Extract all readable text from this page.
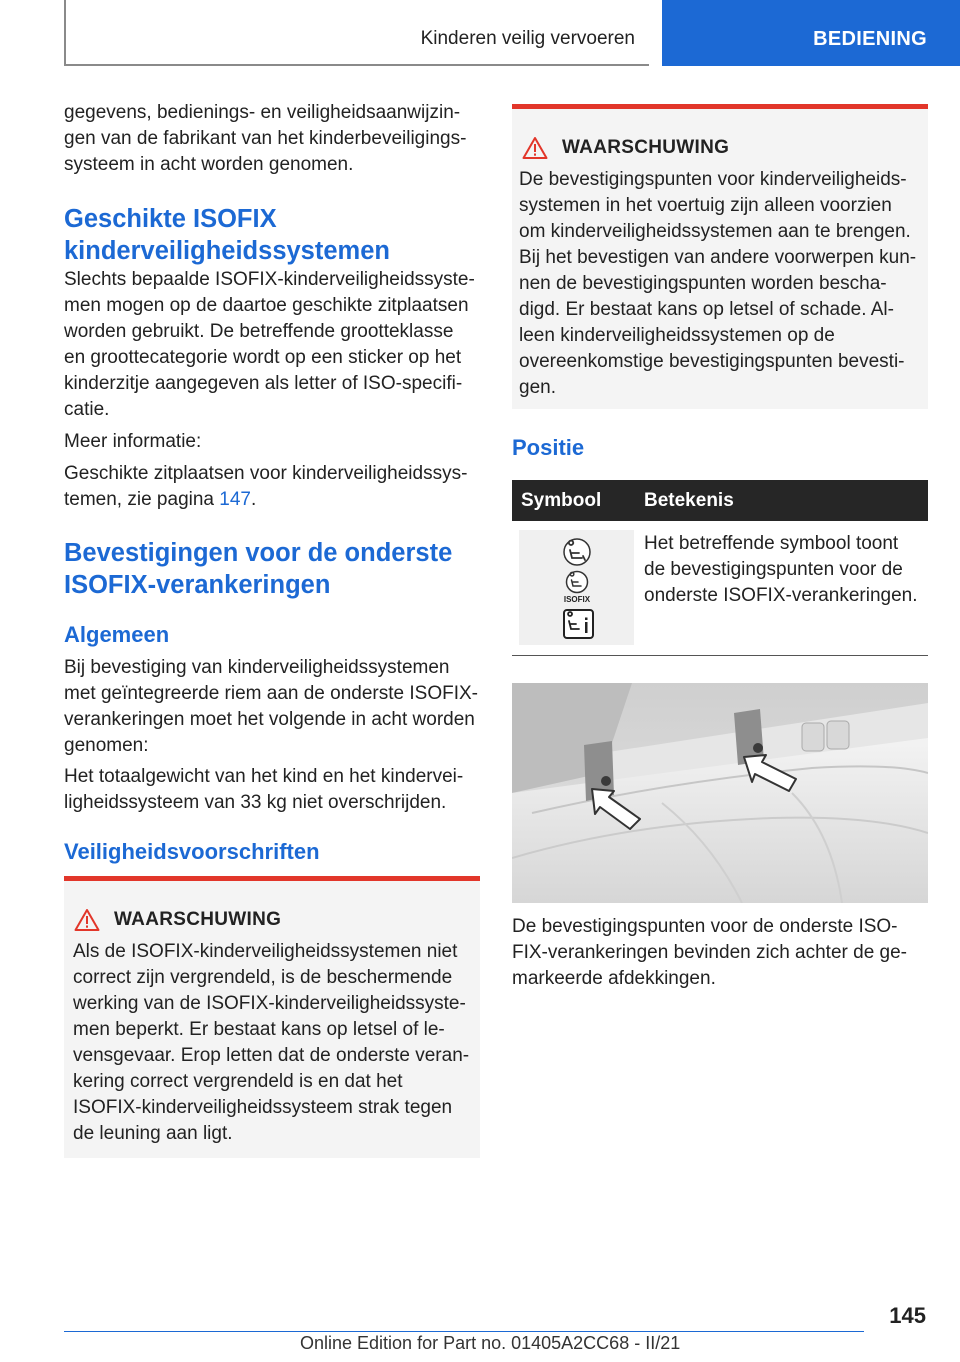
Kinderen veilig vervoeren	BEDIENING

gegevens, bedienings- en veiligheidsaanwijzin-
gen van de fabrikant van het kinderbeveiligings-
systeem in acht worden genomen.

Geschikte ISOFIX
kinderveiligheidssystemen

Slechts bepaalde ISOFIX-kinderveiligheidssyste-
men mogen op de daartoe geschikte zitplaatsen
worden gebruikt. De betreffende grootteklasse
en groottecategorie wordt op een sticker op het
kinderzitje aangegeven als letter of ISO-specifi-
catie.

Meer informatie:

Geschikte zitplaatsen voor kinderveiligheidssys-
temen, zie pagina 147.

Bevestigingen voor de onderste
ISOFIX-verankeringen
Algemeen

Bij bevestiging van kinderveiligheidssystemen
met geïntegreerde riem aan de onderste ISOFIX-
verankeringen moet het volgende in acht worden
genomen:

Het totaalgewicht van het kind en het kindervei-
ligheidssysteem van 33 kg niet overschrijden.

Veiligheidsvoorschriften
WAARSCHUWING

Als de ISOFIX-kinderveiligheidssystemen niet
correct zijn vergrendeld, is de beschermende
werking van de ISOFIX-kinderveiligheidssyste-
men beperkt. Er bestaat kans op letsel of le-
vensgevaar. Erop letten dat de onderste veran-
kering correct vergrendeld is en dat het
ISOFIX-kinderveiligheidssysteem strak tegen
de leuning aan ligt.

WAARSCHUWING

De bevestigingspunten voor kinderveiligheids-
systemen in het voertuig zijn alleen voorzien
om kinderveiligheidssystemen aan te brengen.
Bij het bevestigen van andere voorwerpen kun-
nen de bevestigingspunten worden bescha-
digd. Er bestaat kans op letsel of schade. Al-
leen kinderveiligheidssystemen op de
overeenkomstige bevestigingspunten bevesti-
gen.

Positie
Symbool Betekenis
ISOFIX
Het betreffende symbool toont
de bevestigingspunten voor de
onderste ISOFIX-verankeringen.

De bevestigingspunten voor de onderste ISO-
FIX-verankeringen bevinden zich achter de ge-
markeerde afdekkingen.

145
Online Edition for Part no. 01405A2CC68 - II/21
